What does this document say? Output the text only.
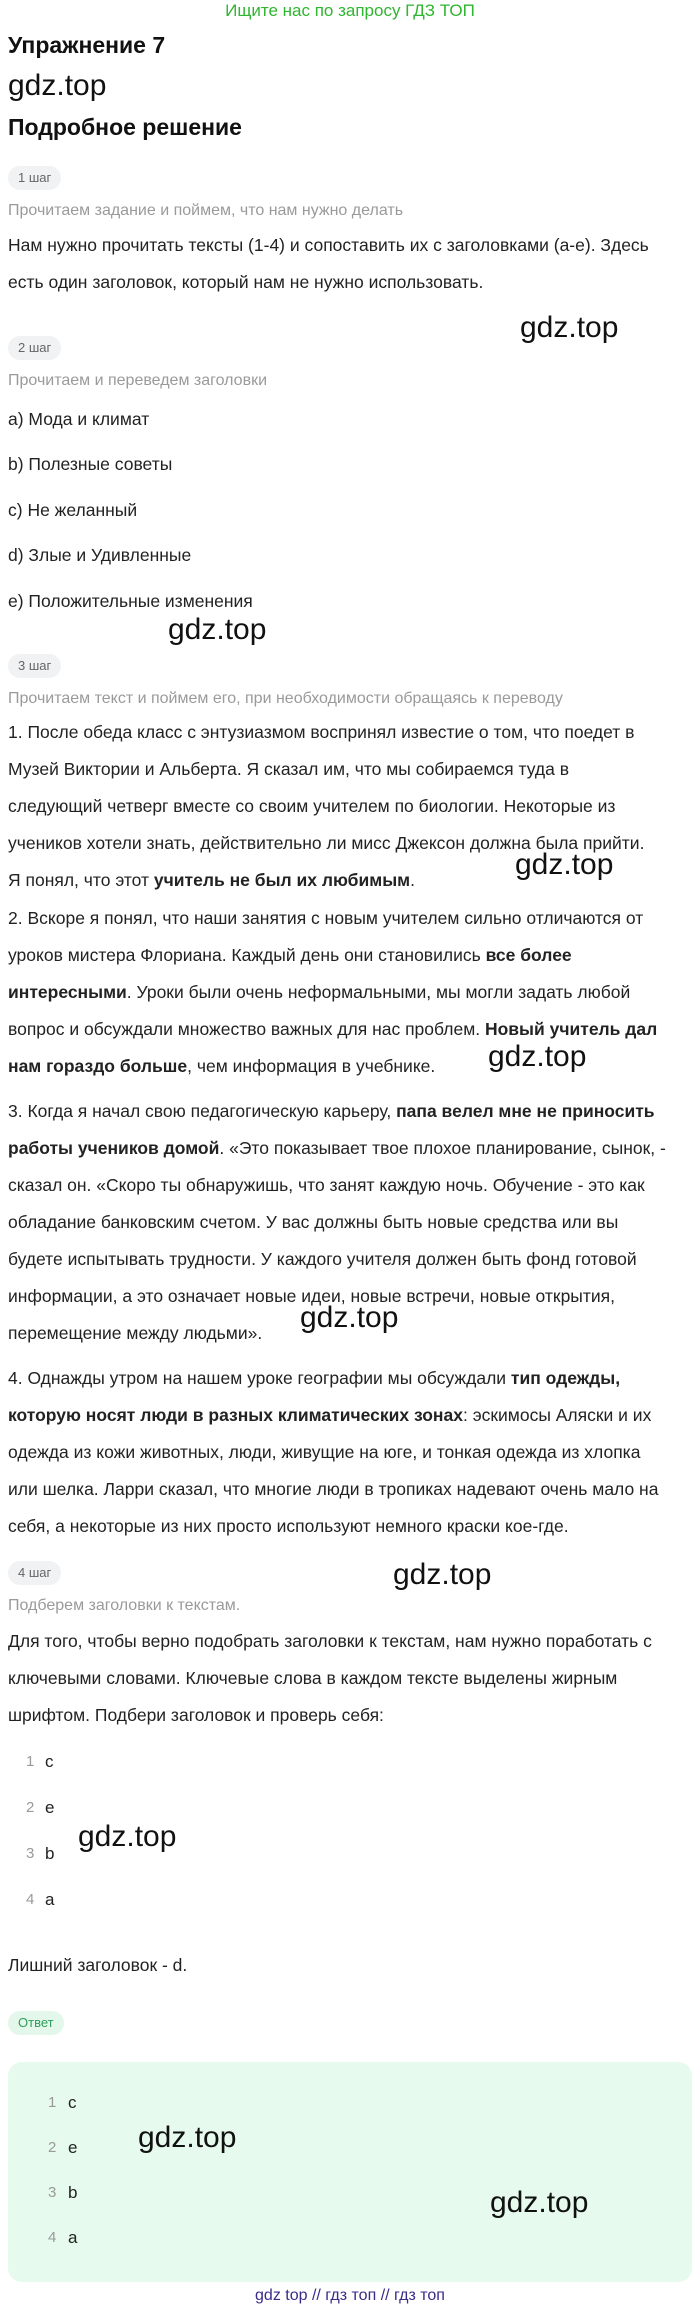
Ищите нас по запросу ГДЗ ТОП
Упражнение 7
gdz.top
Подробное решение
1 шаг
Прочитаем задание и поймем, что нам нужно делать
Нам нужно прочитать тексты (1-4) и сопоставить их с заголовками (a-e). Здесь
есть один заголовок, который нам не нужно использовать.
gdz.top
2 шаг
Прочитаем и переведем заголовки
a) Мода и климат
b) Полезные советы
c) Не желанный
d) Злые и Удивленные
e) Положительные изменения
gdz.top
3 шаг
Прочитаем текст и поймем его, при необходимости обращаясь к переводу
1. После обеда класс с энтузиазмом воспринял известие о том, что поедет в
Музей Виктории и Альберта. Я сказал им, что мы собираемся туда в
следующий четверг вместе со своим учителем по биологии. Некоторые из
учеников хотели знать, действительно ли мисс Джексон должна была прийти.
Я понял, что этот учитель не был их любимым.	gdz.top
2. Вскоре я понял, что наши занятия с новым учителем сильно отличаются от
уроков мистера Флориана. Каждый день они становились все более
интересными. Уроки были очень неформальными, мы могли задать любой
вопрос и обсуждали множество важных для нас проблем. Новый учитель дал
нам гораздо больше, чем информация в учебнике.	gdz.top
3. Когда я начал свою педагогическую карьеру, папа велел мне не приносить
работы учеников домой. «Это показывает твое плохое планирование, сынок, -
сказал он. «Скоро ты обнаружишь, что занят каждую ночь. Обучение - это как
обладание банковским счетом. У вас должны быть новые средства или вы
будете испытывать трудности. У каждого учителя должен быть фонд готовой
информации, а это означает новые идеи, новые встречи, новые открытия,
перемещение между людьми».	gdz.top
4. Однажды утром на нашем уроке географии мы обсуждали тип одежды,
которую носят люди в разных климатических зонах: эскимосы Аляски и их
одежда из кожи животных, люди, живущие на юге, и тонкая одежда из хлопка
или шелка. Ларри сказал, что многие люди в тропиках надевают очень мало на
себя, а некоторые из них просто используют немного краски кое-где.
4 шаг	gdz.top
Подберем заголовки к текстам.
Для того, чтобы верно подобрать заголовки к текстам, нам нужно поработать с
ключевыми словами. Ключевые слова в каждом тексте выделены жирным
шрифтом. Подбери заголовок и проверь себя:
1 c
2 e
3 b
4 a
gdz.top
Лишний заголовок - d.
Ответ
1 c
2 e
3 b
4 a
gdz.top
gdz.top
gdz top // гдз топ // гдз топ
